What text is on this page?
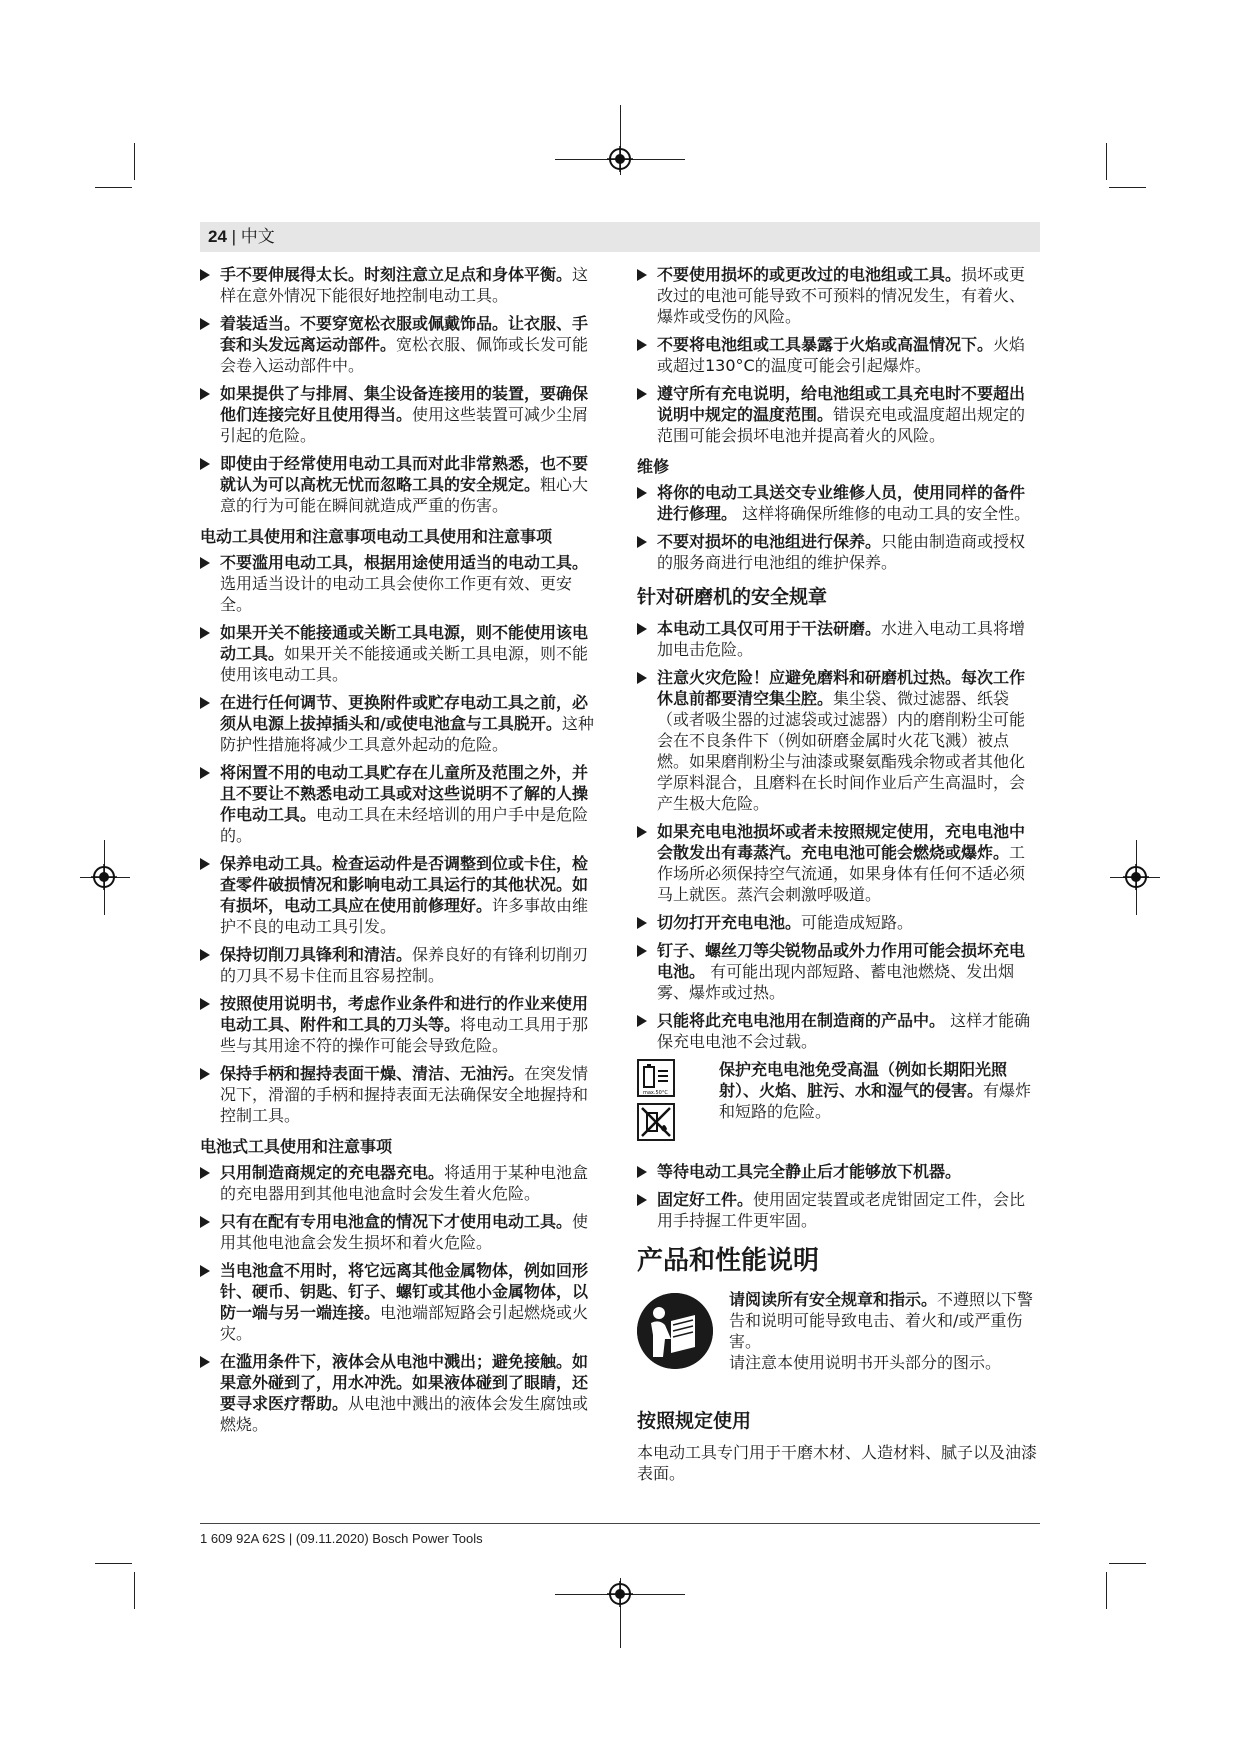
24 | 中文
手不要伸展得太长。时刻注意立足点和身体平衡。这样在意外情况下能很好地控制电动工具。
着装适当。不要穿宽松衣服或佩戴饰品。让衣服、手套和头发远离运动部件。宽松衣服、佩饰或长发可能会卷入运动部件中。
如果提供了与排屑、集尘设备连接用的装置，要确保他们连接完好且使用得当。使用这些装置可减少尘屑引起的危险。
即使由于经常使用电动工具而对此非常熟悉，也不要就认为可以高枕无忧而忽略工具的安全规定。粗心大意的行为可能在瞬间就造成严重的伤害。
电动工具使用和注意事项电动工具使用和注意事项
不要滥用电动工具，根据用途使用适当的电动工具。选用适当设计的电动工具会使你工作更有效、更安全。
如果开关不能接通或关断工具电源，则不能使用该电动工具。如果开关不能接通或关断工具电源，则不能使用该电动工具。
在进行任何调节、更换附件或贮存电动工具之前，必须从电源上拔掉插头和/或使电池盒与工具脱开。这种防护性措施将减少工具意外起动的危险。
将闲置不用的电动工具贮存在儿童所及范围之外，并且不要让不熟悉电动工具或对这些说明不了解的人操作电动工具。电动工具在未经培训的用户手中是危险的。
保养电动工具。检查运动件是否调整到位或卡住，检查零件破损情况和影响电动工具运行的其他状况。如有损坏，电动工具应在使用前修理好。许多事故由维护不良的电动工具引发。
保持切削刀具锋利和清洁。保养良好的有锋利切削刃的刀具不易卡住而且容易控制。
按照使用说明书，考虑作业条件和进行的作业来使用电动工具、附件和工具的刀头等。将电动工具用于那些与其用途不符的操作可能会导致危险。
保持手柄和握持表面干燥、清洁、无油污。在突发情况下，滑溜的手柄和握持表面无法确保安全地握持和控制工具。
电池式工具使用和注意事项
只用制造商规定的充电器充电。将适用于某种电池盒的充电器用到其他电池盒时会发生着火危险。
只有在配有专用电池盒的情况下才使用电动工具。使用其他电池盒会发生损坏和着火危险。
当电池盒不用时，将它远离其他金属物体，例如回形针、硬币、钥匙、钉子、螺钉或其他小金属物体，以防一端与另一端连接。电池端部短路会引起燃烧或火灾。
在滥用条件下，液体会从电池中溅出；避免接触。如果意外碰到了，用水冲洗。如果液体碰到了眼睛，还要寻求医疗帮助。从电池中溅出的液体会发生腐蚀或燃烧。
不要使用损坏的或更改过的电池组或工具。损坏或更改过的电池可能导致不可预料的情况发生，有着火、爆炸或受伤的风险。
不要将电池组或工具暴露于火焰或高温情况下。火焰或超过130°C的温度可能会引起爆炸。
遵守所有充电说明，给电池组或工具充电时不要超出说明中规定的温度范围。错误充电或温度超出规定的范围可能会损坏电池并提高着火的风险。
维修
将你的电动工具送交专业维修人员，使用同样的备件进行修理。 这样将确保所维修的电动工具的安全性。
不要对损坏的电池组进行保养。只能由制造商或授权的服务商进行电池组的维护保养。
针对研磨机的安全规章
本电动工具仅可用于干法研磨。水进入电动工具将增加电击危险。
注意火灾危险！应避免磨料和研磨机过热。每次工作休息前都要清空集尘腔。集尘袋、微过滤器、纸袋（或者吸尘器的过滤袋或过滤器）内的磨削粉尘可能会在不良条件下（例如研磨金属时火花飞溅）被点燃。如果磨削粉尘与油漆或聚氨酯残余物或者其他化学原料混合，且磨料在长时间作业后产生高温时，会产生极大危险。
如果充电电池损坏或者未按照规定使用，充电电池中会散发出有毒蒸汽。充电电池可能会燃烧或爆炸。工作场所必须保持空气流通，如果身体有任何不适必须马上就医。蒸汽会刺激呼吸道。
切勿打开充电电池。可能造成短路。
钉子、螺丝刀等尖锐物品或外力作用可能会损坏充电电池。 有可能出现内部短路、蓄电池燃烧、发出烟雾、爆炸或过热。
只能将此充电电池用在制造商的产品中。 这样才能确保充电电池不会过载。
max.50°C
保护充电电池免受高温（例如长期阳光照射）、火焰、脏污、水和湿气的侵害。有爆炸和短路的危险。
等待电动工具完全静止后才能够放下机器。
固定好工件。使用固定装置或老虎钳固定工件，会比用手持握工件更牢固。
产品和性能说明
请阅读所有安全规章和指示。不遵照以下警告和说明可能导致电击、着火和/或严重伤害。
请注意本使用说明书开头部分的图示。
按照规定使用
本电动工具专门用于干磨木材、人造材料、腻子以及油漆表面。
1 609 92A 62S | (09.11.2020) Bosch Power Tools
